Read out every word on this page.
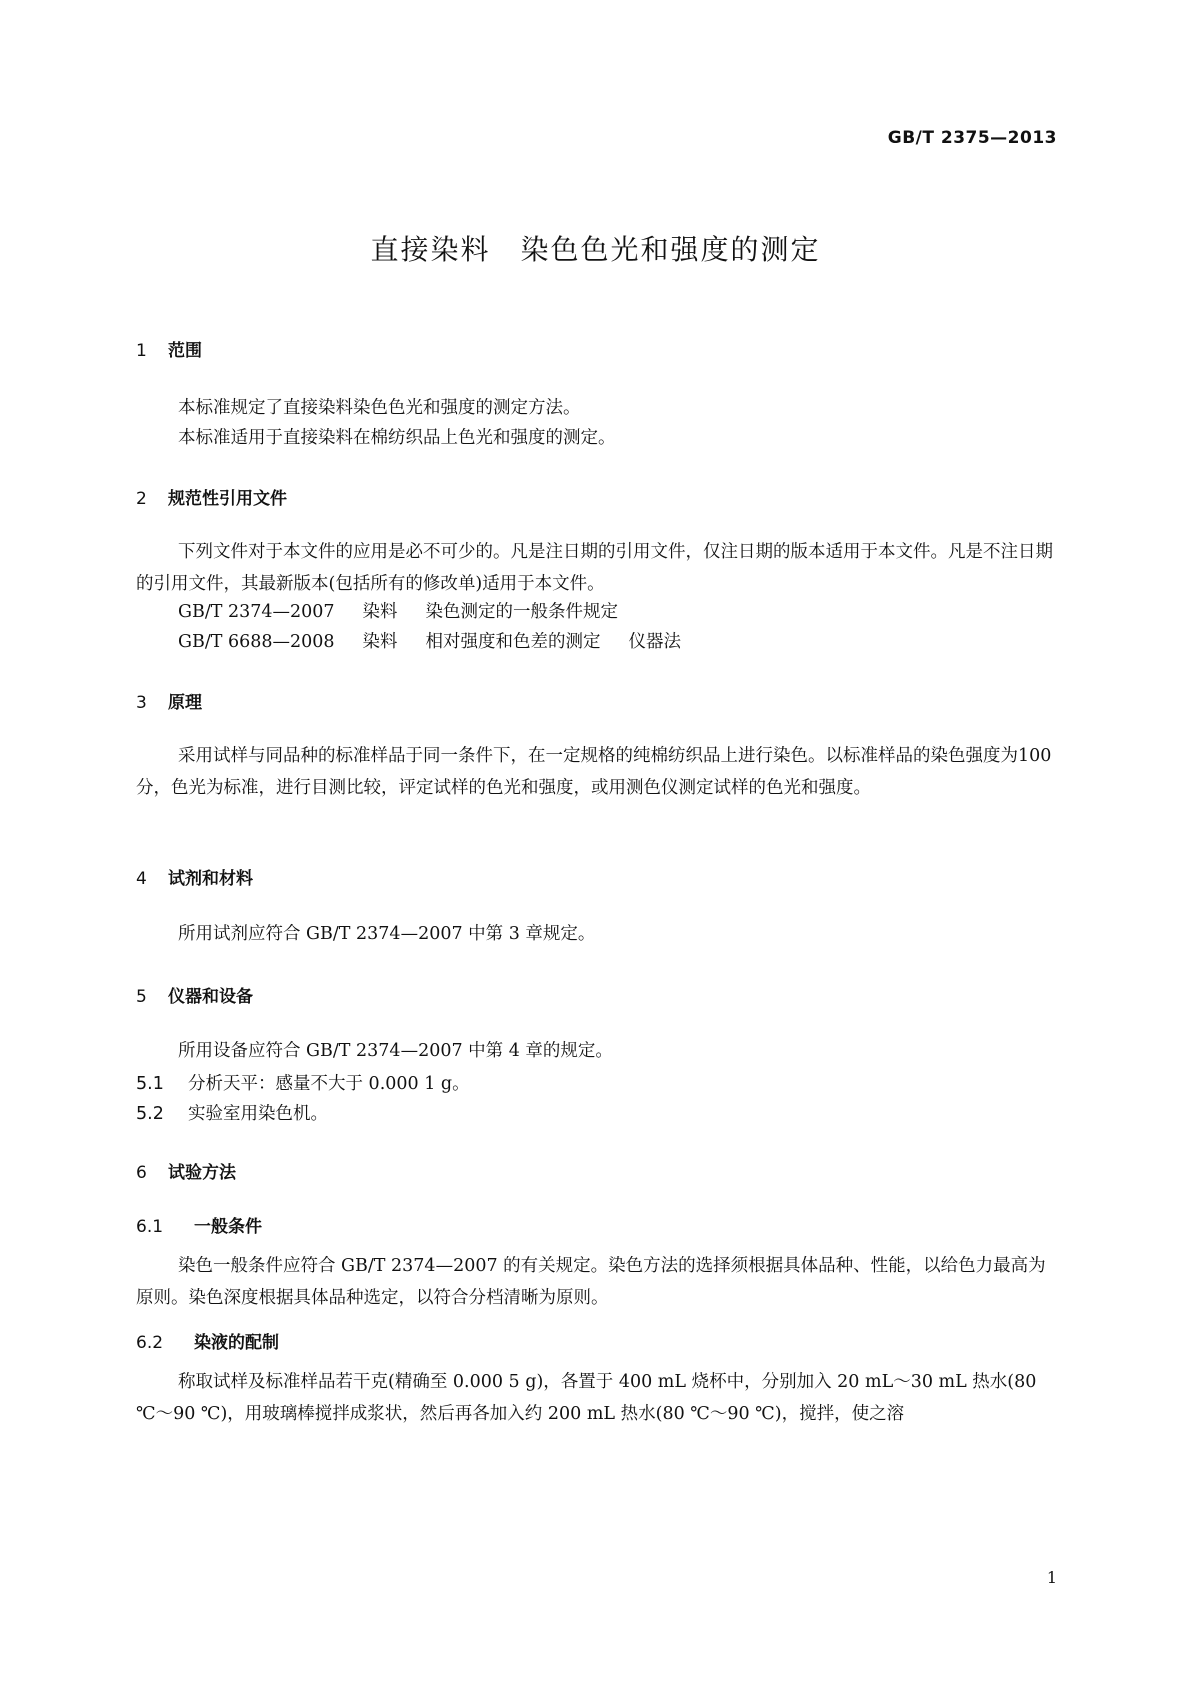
GB/T 2375—2013
直接染料 染色色光和强度的测定
1 范围
本标准规定了直接染料染色色光和强度的测定方法。
本标准适用于直接染料在棉纺织品上色光和强度的测定。
2 规范性引用文件
下列文件对于本文件的应用是必不可少的。凡是注日期的引用文件，仅注日期的版本适用于本文件。凡是不注日期的引用文件，其最新版本(包括所有的修改单)适用于本文件。
GB/T 2374—2007 染料 染色测定的一般条件规定
GB/T 6688—2008 染料 相对强度和色差的测定 仪器法
3 原理
采用试样与同品种的标准样品于同一条件下，在一定规格的纯棉纺织品上进行染色。以标准样品的染色强度为100分，色光为标准，进行目测比较，评定试样的色光和强度，或用测色仪测定试样的色光和强度。
4 试剂和材料
所用试剂应符合 GB/T 2374—2007 中第 3 章规定。
5 仪器和设备
所用设备应符合 GB/T 2374—2007 中第 4 章的规定。
5.1 分析天平：感量不大于 0.000 1 g。
5.2 实验室用染色机。
6 试验方法
6.1 一般条件
染色一般条件应符合 GB/T 2374—2007 的有关规定。染色方法的选择须根据具体品种、性能，以给色力最高为原则。染色深度根据具体品种选定，以符合分档清晰为原则。
6.2 染液的配制
称取试样及标准样品若干克(精确至 0.000 5 g)，各置于 400 mL 烧杯中，分别加入 20 mL～30 mL 热水(80 ℃～90 ℃)，用玻璃棒搅拌成浆状，然后再各加入约 200 mL 热水(80 ℃～90 ℃)，搅拌，使之溶
1
